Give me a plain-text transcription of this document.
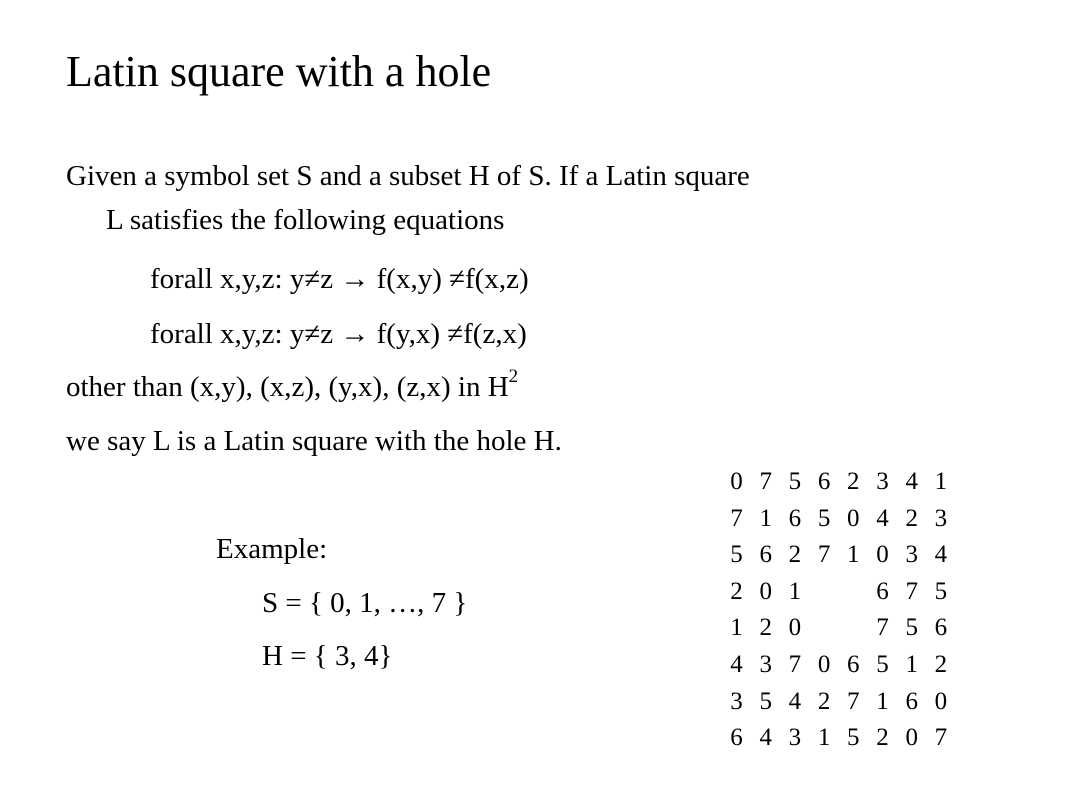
Latin square with a hole
Given a symbol set S and a subset H of S. If a Latin square
L satisfies the following equations
forall x,y,z: y≠z → f(x,y) ≠f(x,z)
forall x,y,z: y≠z → f(y,x) ≠f(z,x)
other than (x,y), (x,z), (y,x), (z,x) in $H^2$
we say L is a Latin square with the hole H.
Example:
S = { 0, 1, …, 7 }
H = { 3, 4}
0 7 5 6 2 3 4 1
7 1 6 5 0 4 2 3
5 6 2 7 1 0 3 4
2 0 1	6 7 5
1 2 0	7 5 6
4 3 7 0 6 5 1 2
3 5 4 2 7 1 6 0
6 4 3 1 5 2 0 7
